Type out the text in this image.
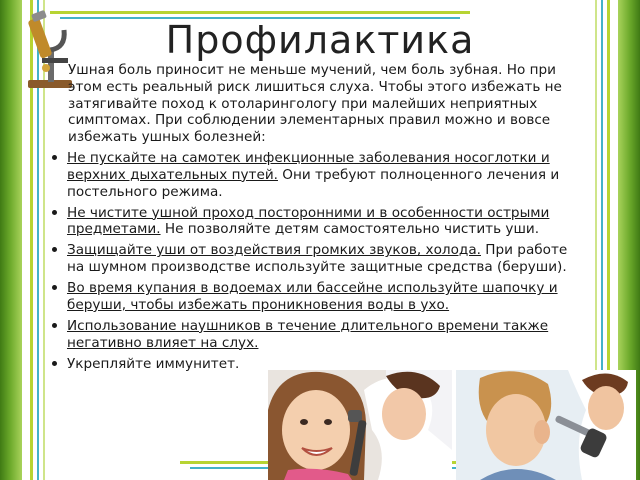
Профилактика

Ушная боль приносит не меньше мучений, чем боль зубная. Но при этом есть реальный риск лишиться слуха. Чтобы этого избежать не затягивайте поход к отоларингологу при малейших неприятных симптомах. При соблюдении элементарных правил можно и вовсе избежать ушных болезней:

Не пускайте на самотек инфекционные заболевания носоглотки и верхних дыхательных путей. Они требуют полноценного лечения и постельного режима.
Не чистите ушной проход посторонними и в особенности острыми предметами. Не позволяйте детям самостоятельно чистить уши.
Защищайте уши от воздействия громких звуков, холода. При работе на шумном производстве используйте защитные средства (беруши).
Во время купания в водоемах или бассейне используйте шапочку и беруши, чтобы избежать проникновения воды в ухо.
Использование наушников в течение длительного времени также негативно влияет на слух.
Укрепляйте иммунитет.
